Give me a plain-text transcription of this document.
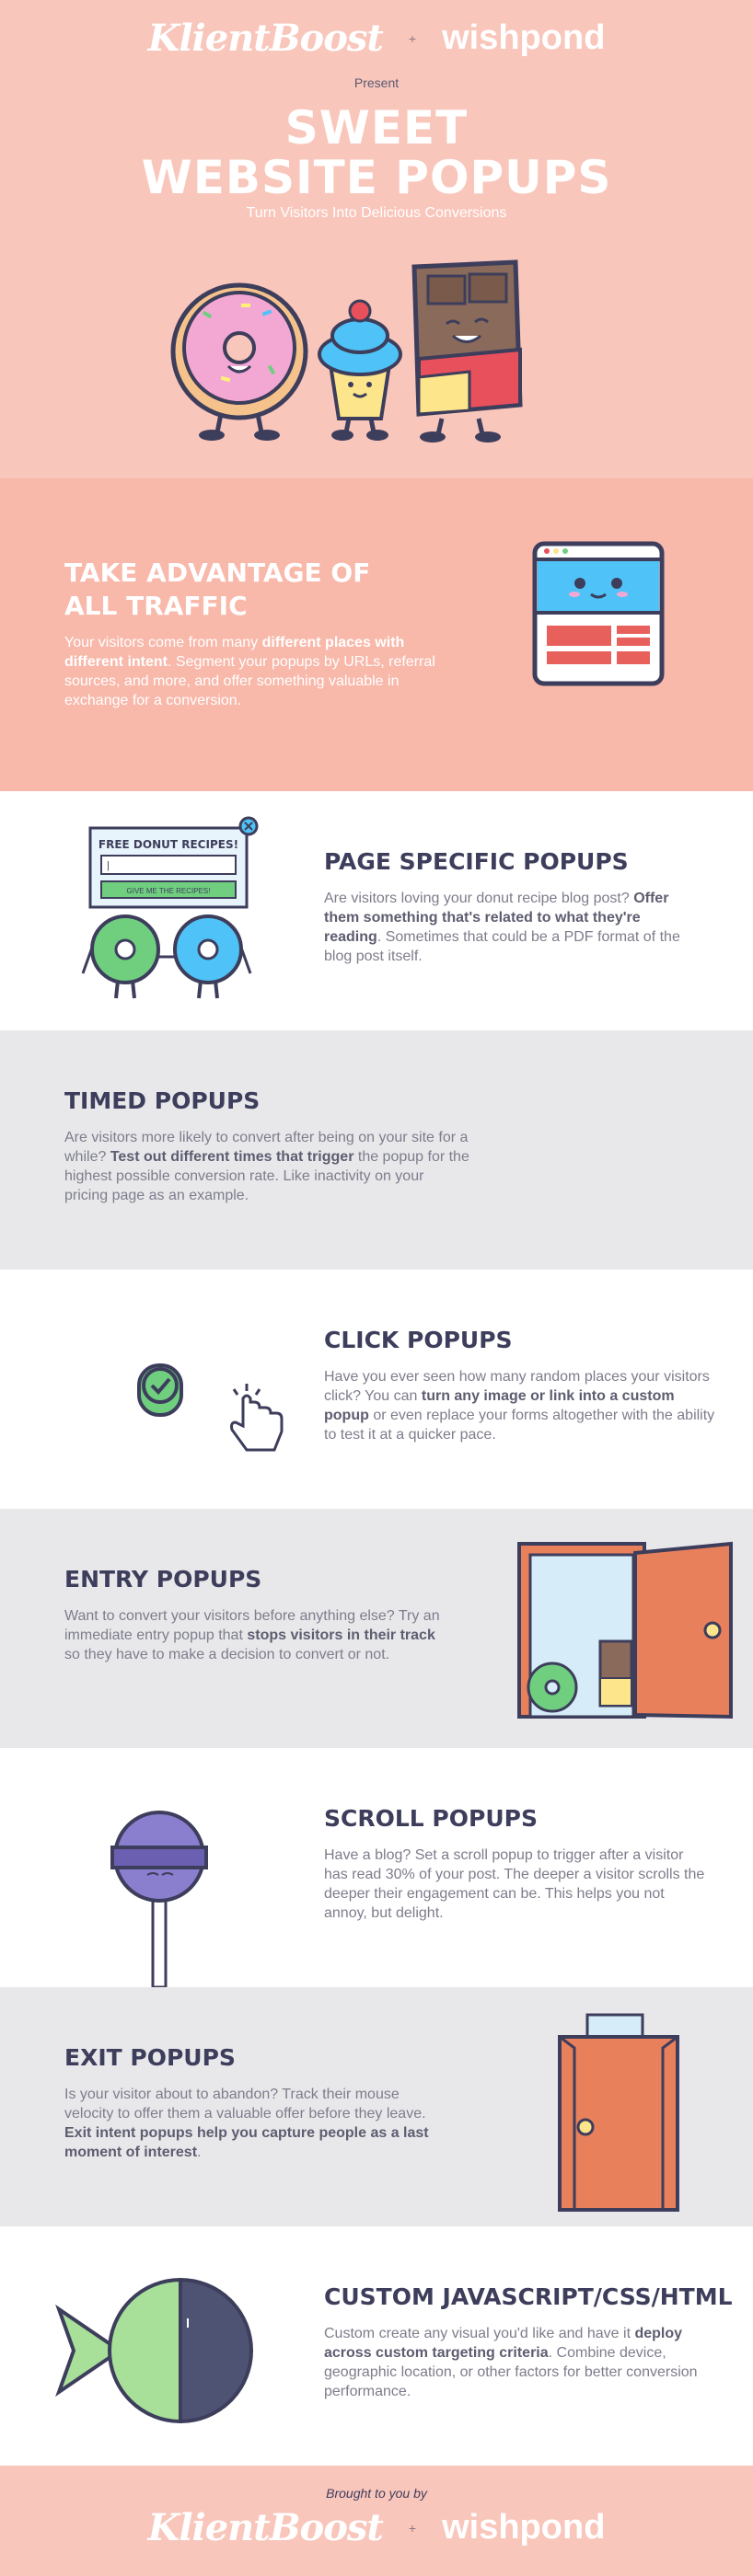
KlientBoost + wishpond
Present
SWEET
WEBSITE POPUPS
Turn Visitors Into Delicious Conversions
TAKE ADVANTAGE OF
ALL TRAFFIC
Your visitors come from many different places with different intent. Segment your popups by URLs, referral sources, and more, and offer something valuable in exchange for a conversion.
FREE DONUT RECIPES!
|
GIVE ME THE RECIPES!
PAGE SPECIFIC POPUPS
Are visitors loving your donut recipe blog post? Offer them something that's related to what they're reading. Sometimes that could be a PDF format of the blog post itself.
TIMED POPUPS
Are visitors more likely to convert after being on your site for a while? Test out different times that trigger the popup for the highest possible conversion rate. Like inactivity on your pricing page as an example.
CLICK POPUPS
Have you ever seen how many random places your visitors click? You can turn any image or link into a custom popup or even replace your forms altogether with the ability to test it at a quicker pace.
ENTRY POPUPS
Want to convert your visitors before anything else? Try an immediate entry popup that stops visitors in their track so they have to make a decision to convert or not.
SCROLL POPUPS
Have a blog? Set a scroll popup to trigger after a visitor has read 30% of your post. The deeper a visitor scrolls the deeper their engagement can be. This helps you not annoy, but delight.
EXIT POPUPS
Is your visitor about to abandon? Track their mouse velocity to offer them a valuable offer before they leave. Exit intent popups help you capture people as a last moment of interest.
CUSTOM JAVASCRIPT/CSS/HTML
Custom create any visual you'd like and have it deploy across custom targeting criteria. Combine device, geographic location, or other factors for better conversion performance.
Brought to you by
KlientBoost + wishpond
